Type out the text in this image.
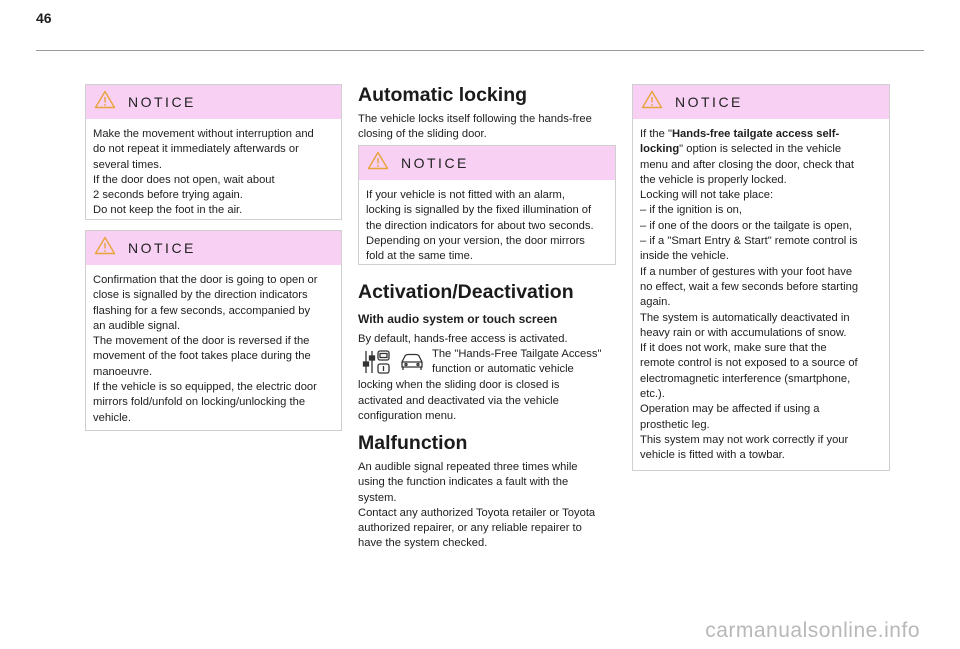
46
NOTICE

Make the movement without interruption and

do not repeat it immediately afterwards or

several times.

If the door does not open, wait about

2 seconds before trying again.

Do not keep the foot in the air.

NOTICE

Confirmation that the door is going to open or

close is signalled by the direction indicators

flashing for a few seconds, accompanied by

an audible signal.

The movement of the door is reversed if the

movement of the foot takes place during the

manoeuvre.

If the vehicle is so equipped, the electric door

mirrors fold/unfold on locking/unlocking the

vehicle.

Automatic locking

The vehicle locks itself following the hands-free

closing of the sliding door.

NOTICE

If your vehicle is not fitted with an alarm,

locking is signalled by the fixed illumination of

the direction indicators for about two seconds.

Depending on your version, the door mirrors

fold at the same time.

Activation/Deactivation
With audio system or touch screen

By default, hands-free access is activated.

The "Hands-Free Tailgate Access"

function or automatic vehicle

locking when the sliding door is closed is

activated and deactivated via the vehicle

configuration menu.

Malfunction

An audible signal repeated three times while

using the function indicates a fault with the

system.

Contact any authorized Toyota retailer or Toyota

authorized repairer, or any reliable repairer to

have the system checked.

NOTICE

If the "Hands-free tailgate access self-

locking" option is selected in the vehicle

menu and after closing the door, check that

the vehicle is properly locked.

Locking will not take place:

– if the ignition is on,

– if one of the doors or the tailgate is open,

– if a "Smart Entry & Start" remote control is

inside the vehicle.

If a number of gestures with your foot have

no effect, wait a few seconds before starting

again.

The system is automatically deactivated in

heavy rain or with accumulations of snow.

If it does not work, make sure that the

remote control is not exposed to a source of

electromagnetic interference (smartphone,

etc.).

Operation may be affected if using a

prosthetic leg.

This system may not work correctly if your

vehicle is fitted with a towbar.

carmanualsonline.info
